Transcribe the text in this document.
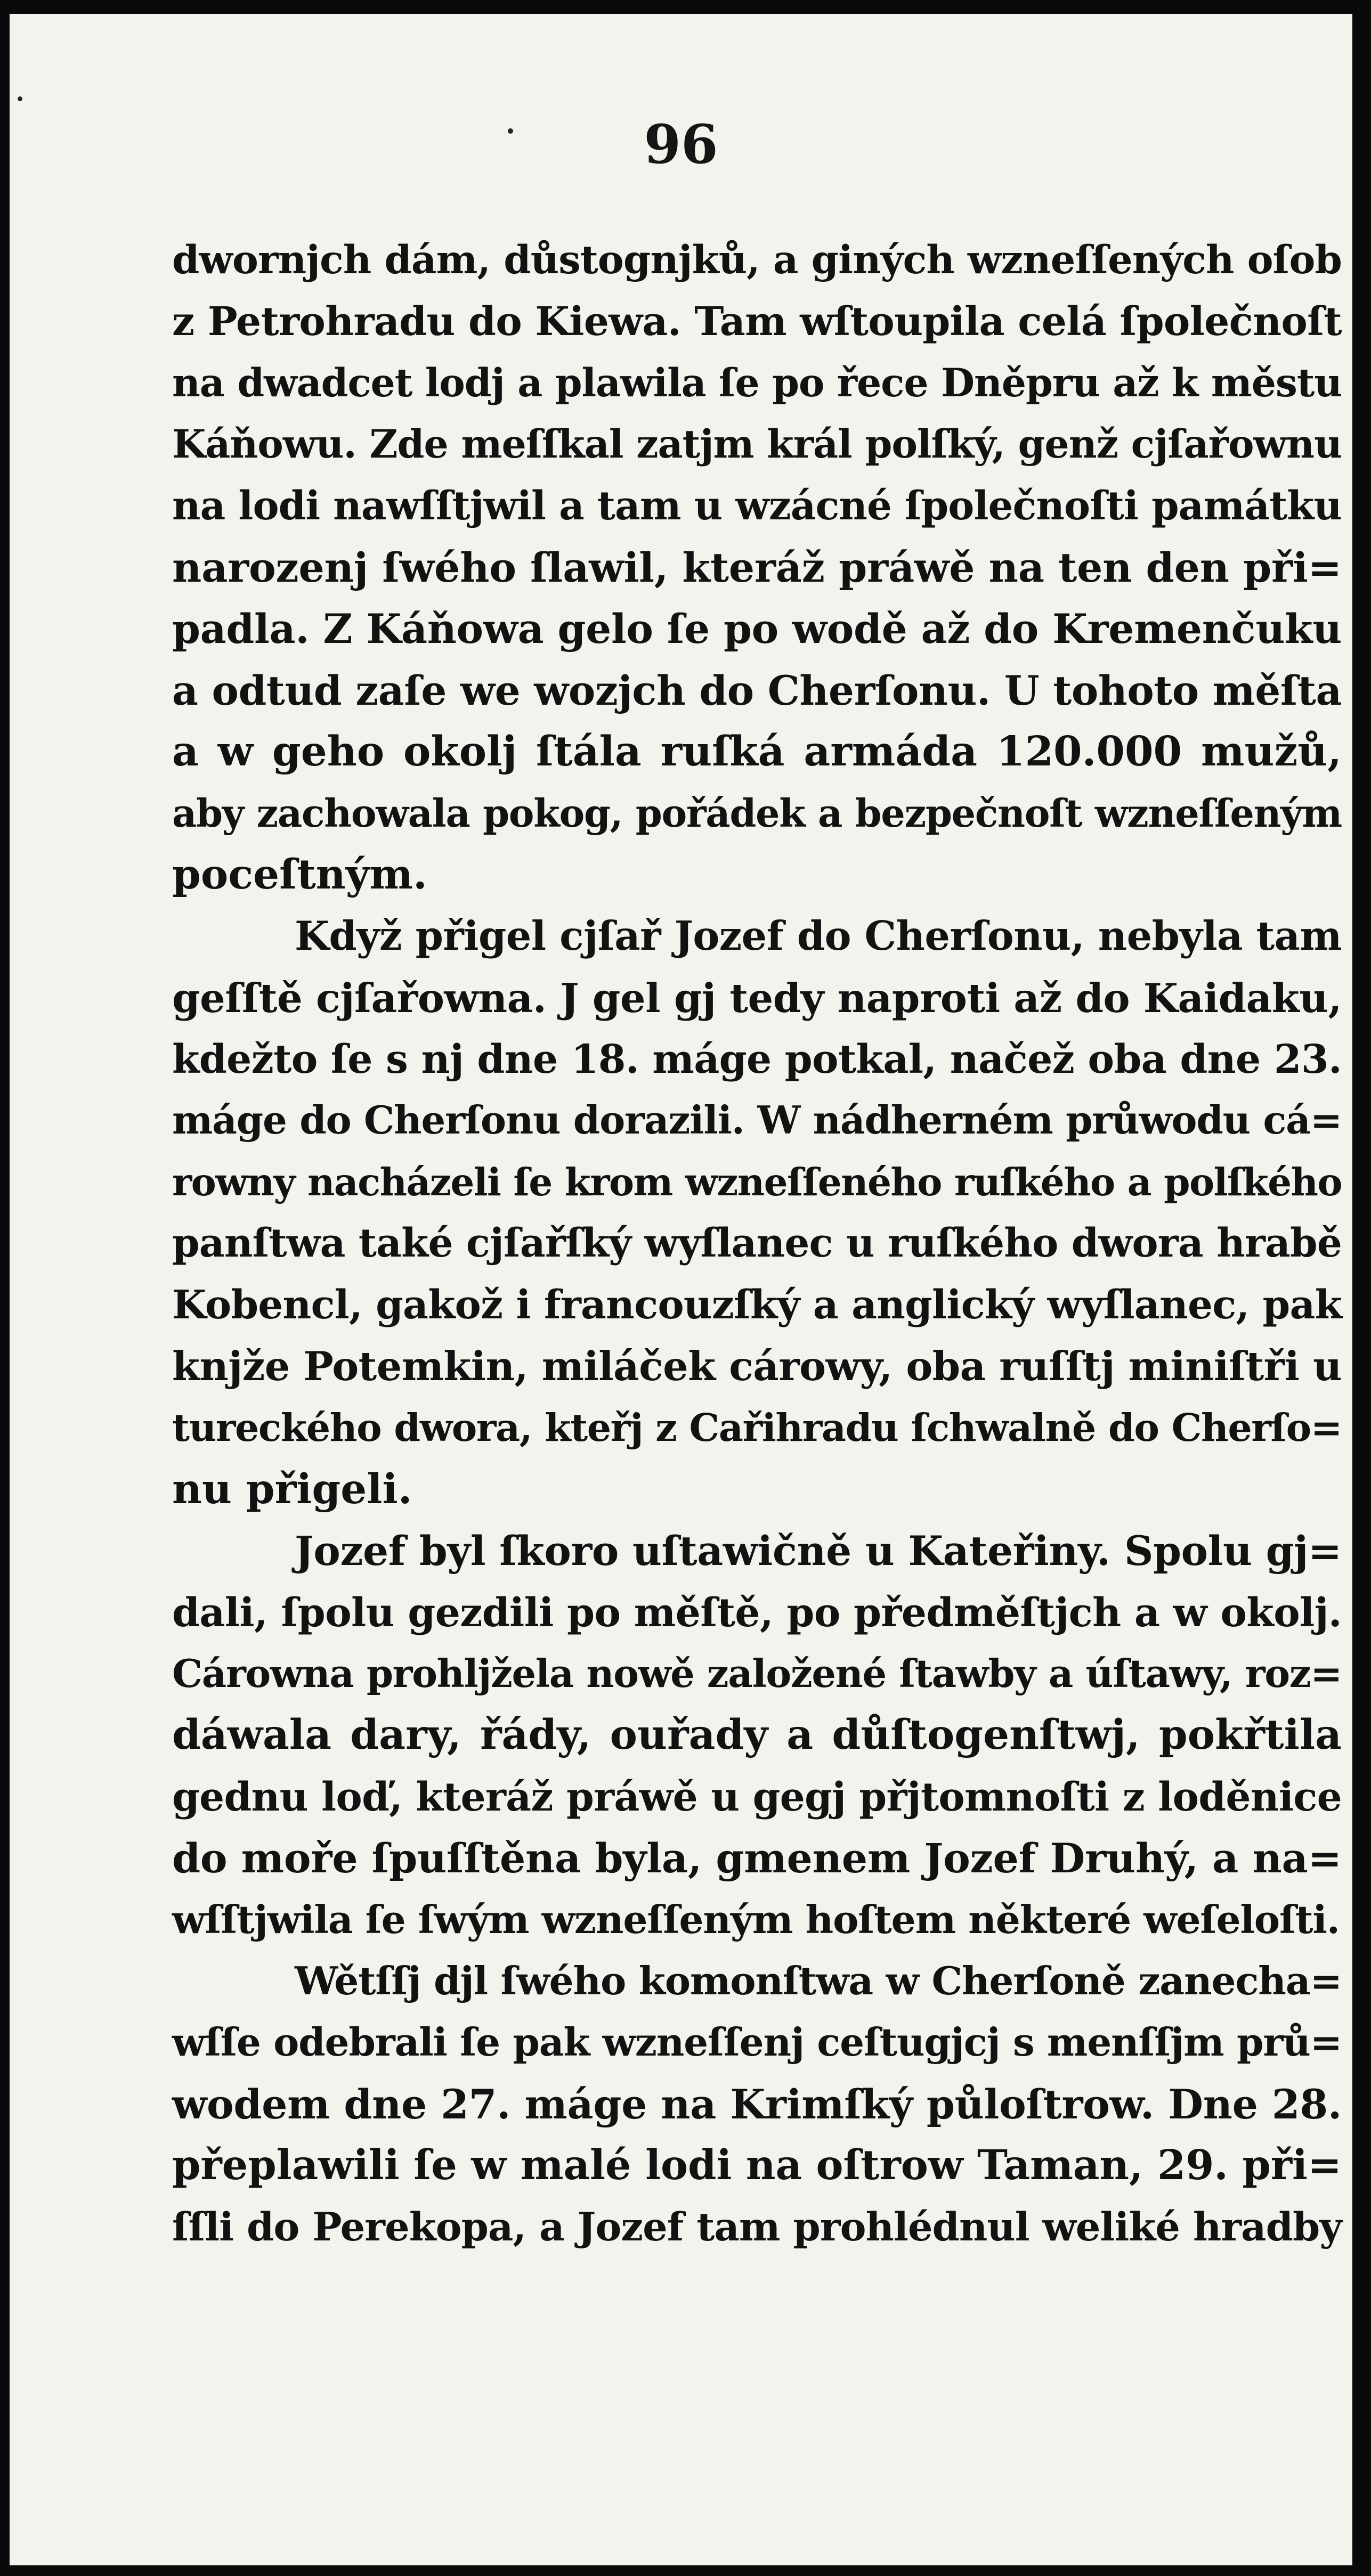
96
dwornjch dám, důstognjků, a giných wzneſſených oſob
z Petrohradu do Kiewa. Tam wſtoupila celá ſpolečnoſt
na dwadcet lodj a plawila ſe po řece Dněpru až k městu
Káňowu. Zde meſſkal zatjm král polſký, genž cjſařownu
na lodi nawſſtjwil a tam u wzácné ſpolečnoſti památku
narozenj ſwého ſlawil, kteráž práwě na ten den při=
padla. Z Káňowa gelo ſe po wodě až do Kremenčuku
a odtud zaſe we wozjch do Cherſonu. U tohoto měſta
a w geho okolj ſtála ruſká armáda 120.000 mužů,
aby zachowala pokog, pořádek a bezpečnoſt wzneſſeným
poceſtným.
Když přigel cjſař Jozef do Cherſonu, nebyla tam
geſſtě cjſařowna. J gel gj tedy naproti až do Kaidaku,
kdežto ſe s nj dne 18. máge potkal, načež oba dne 23.
máge do Cherſonu dorazili. W nádherném průwodu cá=
rowny nacházeli ſe krom wzneſſeného ruſkého a polſkého
panſtwa také cjſařſký wyſlanec u ruſkého dwora hrabě
Kobencl, gakož i francouzſký a anglický wyſlanec, pak
knjže Potemkin, miláček cárowy, oba ruſſtj miniſtři u
tureckého dwora, kteřj z Cařihradu ſchwalně do Cherſo=
nu přigeli.
Jozef byl ſkoro uſtawičně u Kateřiny. Spolu gj=
dali, ſpolu gezdili po měſtě, po předměſtjch a w okolj.
Cárowna prohljžela nowě založené ſtawby a úſtawy, roz=
dáwala dary, řády, ouřady a důſtogenſtwj, pokřtila
gednu loď, kteráž práwě u gegj přjtomnoſti z loděnice
do moře ſpuſſtěna byla, gmenem Jozef Druhý, a na=
wſſtjwila ſe ſwým wzneſſeným hoſtem některé weſeloſti.
Wětſſj djl ſwého komonſtwa w Cherſoně zanecha=
wſſe odebrali ſe pak wzneſſenj ceſtugjcj s menſſjm prů=
wodem dne 27. máge na Krimſký půloſtrow. Dne 28.
přeplawili ſe w malé lodi na oſtrow Taman, 29. při=
ſſli do Perekopa, a Jozef tam prohlédnul weliké hradby
